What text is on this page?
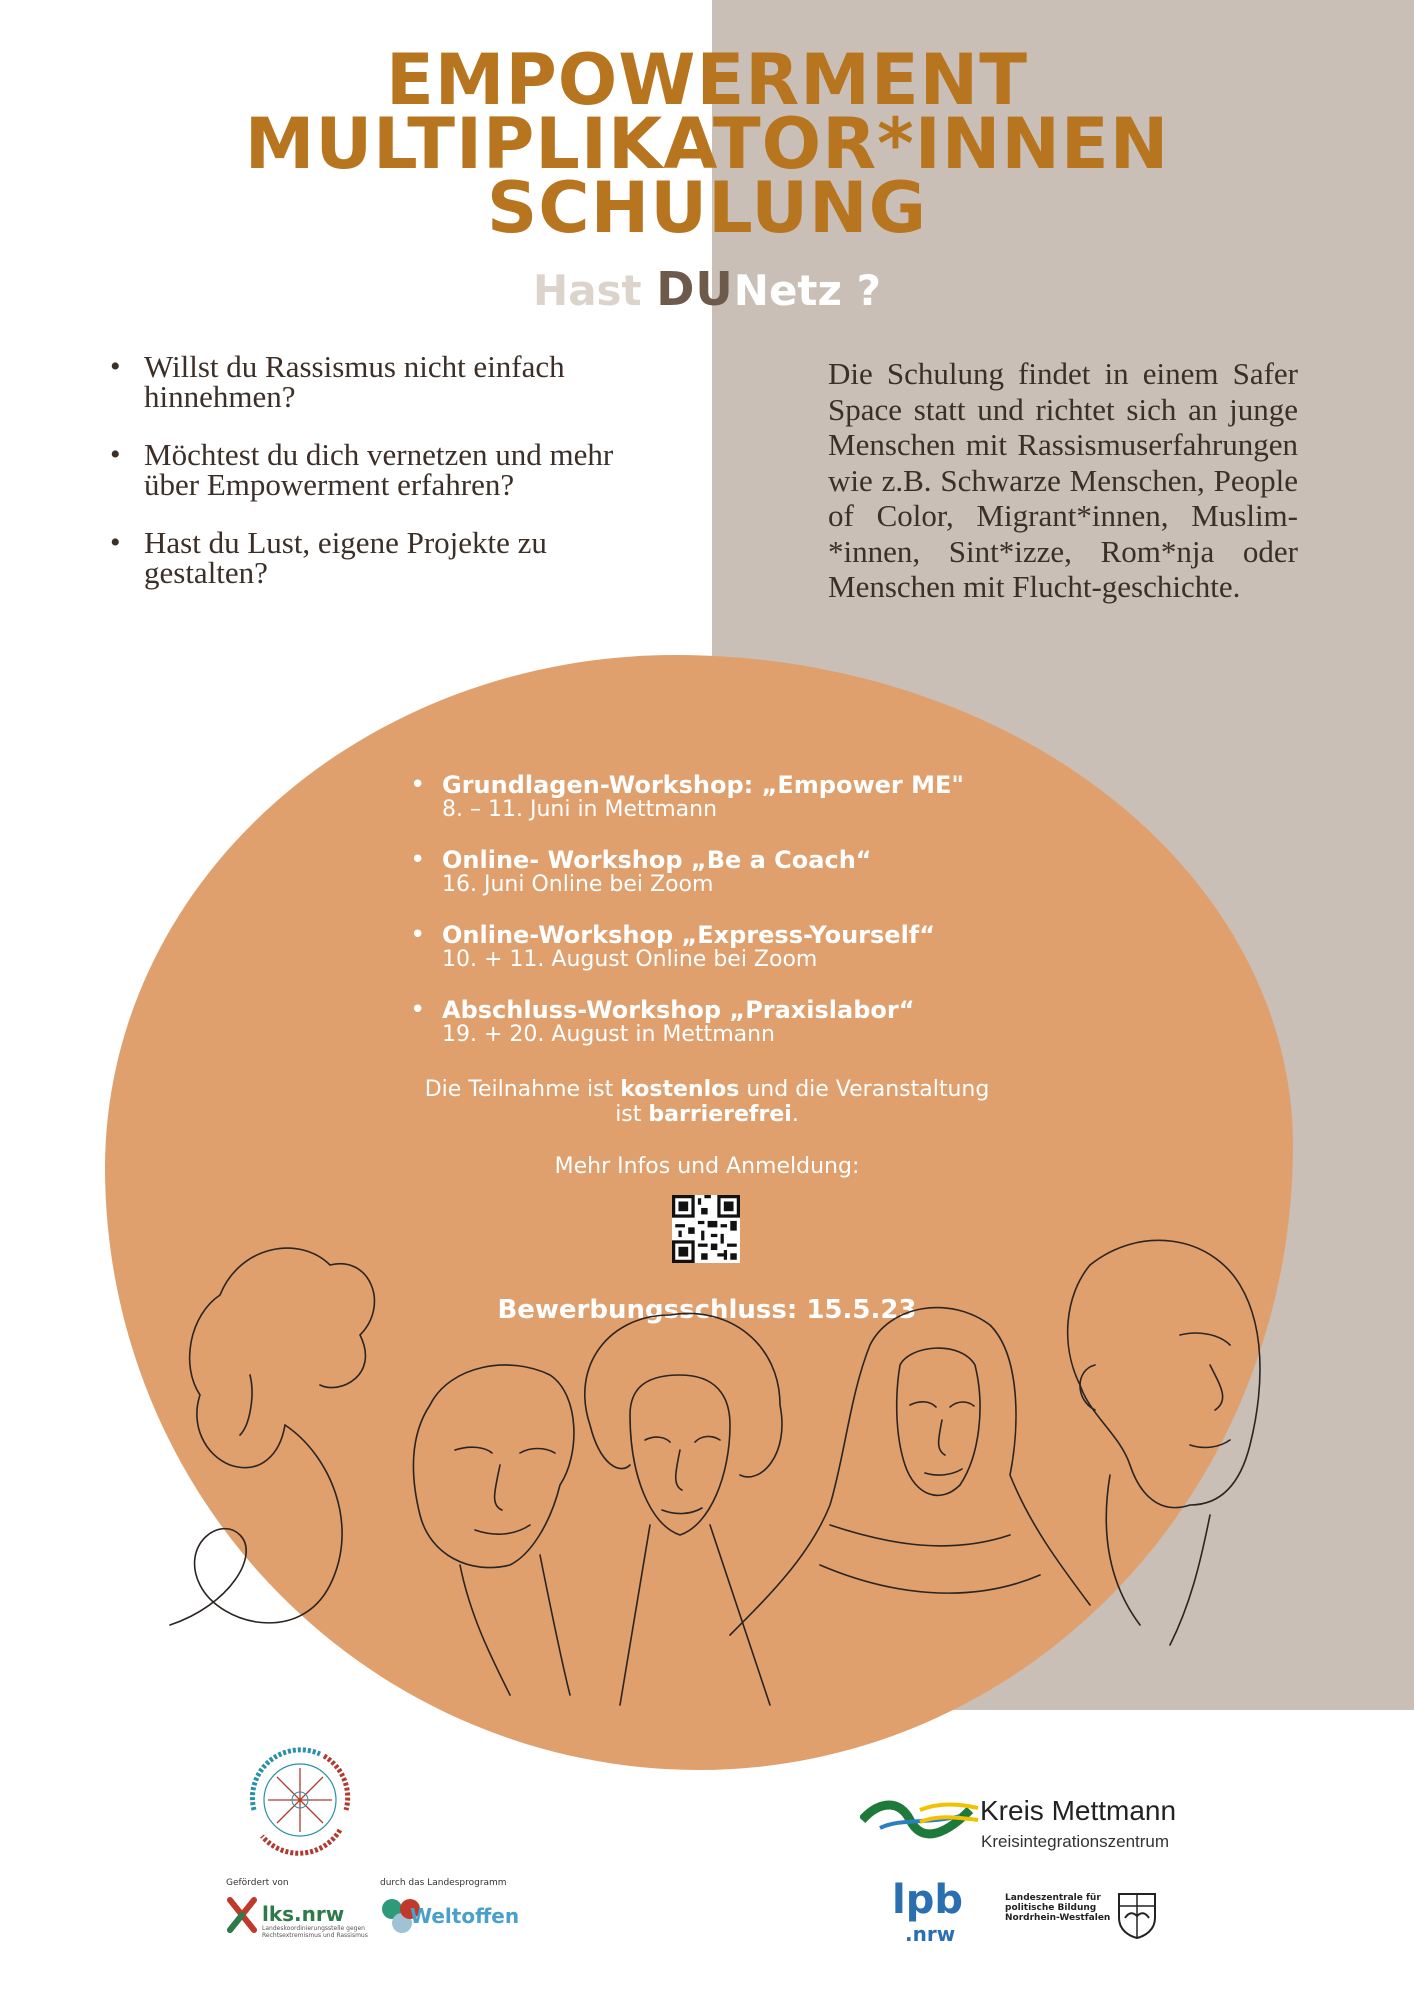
EMPOWERMENT
MULTIPLIKATOR*INNEN
SCHULUNG
Hast DUNetz ?
• Willst du Rassismus nicht einfach hinnehmen?
• Möchtest du dich vernetzen und mehr über Empowerment erfahren?
• Hast du Lust, eigene Projekte zu gestalten?

Die Schulung findet in einem Safer Space statt und richtet sich an junge Menschen mit Rassismuserfahrungen wie z.B. Schwarze Menschen, People of Color, Migrant*innen, Muslim-*innen, Sint*izze, Rom*nja oder Menschen mit Flucht-geschichte.

• Grundlagen-Workshop: „Empower ME"
8. – 11. Juni in Mettmann
• Online- Workshop „Be a Coach“
16. Juni Online bei Zoom
• Online-Workshop „Express-Yourself“
10. + 11. August Online bei Zoom
• Abschluss-Workshop „Praxislabor“
19. + 20. August in Mettmann
Die Teilnahme ist kostenlos und die Veranstaltung
ist barrierefrei.
Mehr Infos und Anmeldung:
Bewerbungsschluss: 15.5.23
Gefördert von	durch das Landesprogramm
lks.nrw
Landeskoordinierungsstelle gegen Rechtsextremismus und Rassismus
Weltoffen
Kreis Mettmann
Kreisintegrationszentrum
lpb
.nrw
Landeszentrale für politische Bildung Nordrhein-Westfalen
